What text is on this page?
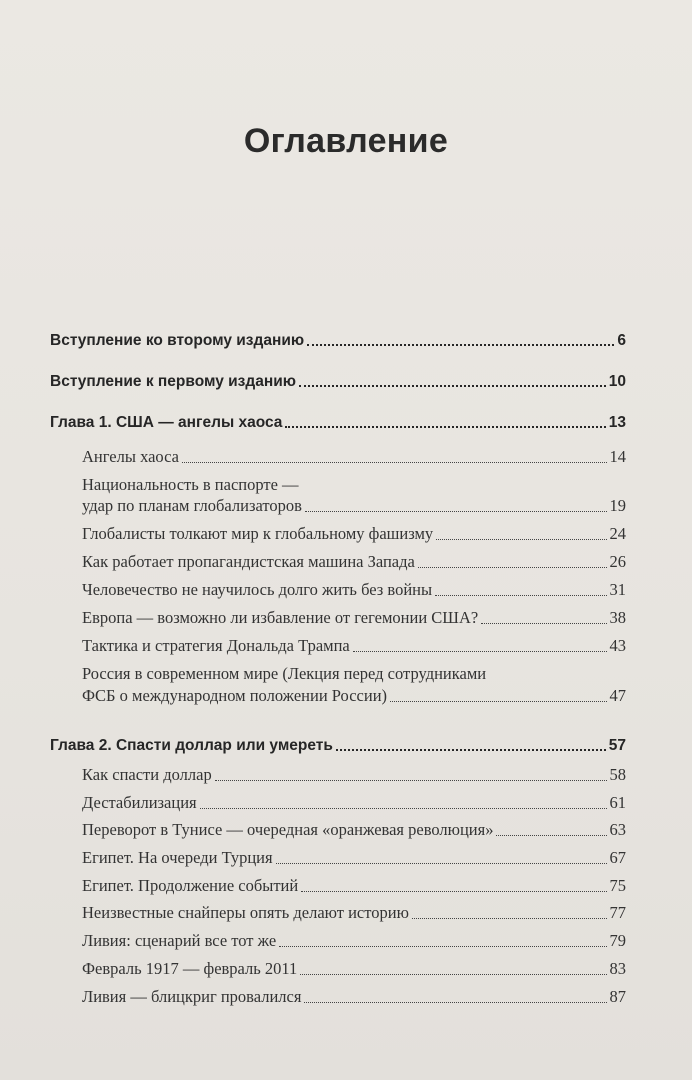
Оглавление
Вступление ко второму изданию	6
Вступление к первому изданию	10
Глава 1. США — ангелы хаоса	13
Ангелы хаоса	14
Национальность в паспорте —
удар по планам глобализаторов	19
Глобалисты толкают мир к глобальному фашизму	24
Как работает пропагандистская машина Запада	26
Человечество не научилось долго жить без войны	31
Европа — возможно ли избавление от гегемонии США?	38
Тактика и стратегия Дональда Трампа	43
Россия в современном мире (Лекция перед сотрудниками
ФСБ о международном положении России)	47
Глава 2. Спасти доллар или умереть	57
Как спасти доллар	58
Дестабилизация	61
Переворот в Тунисе — очередная «оранжевая революция»	63
Египет. На очереди Турция	67
Египет. Продолжение событий	75
Неизвестные снайперы опять делают историю	77
Ливия: сценарий все тот же	79
Февраль 1917 — февраль 2011	83
Ливия — блицкриг провалился	87
